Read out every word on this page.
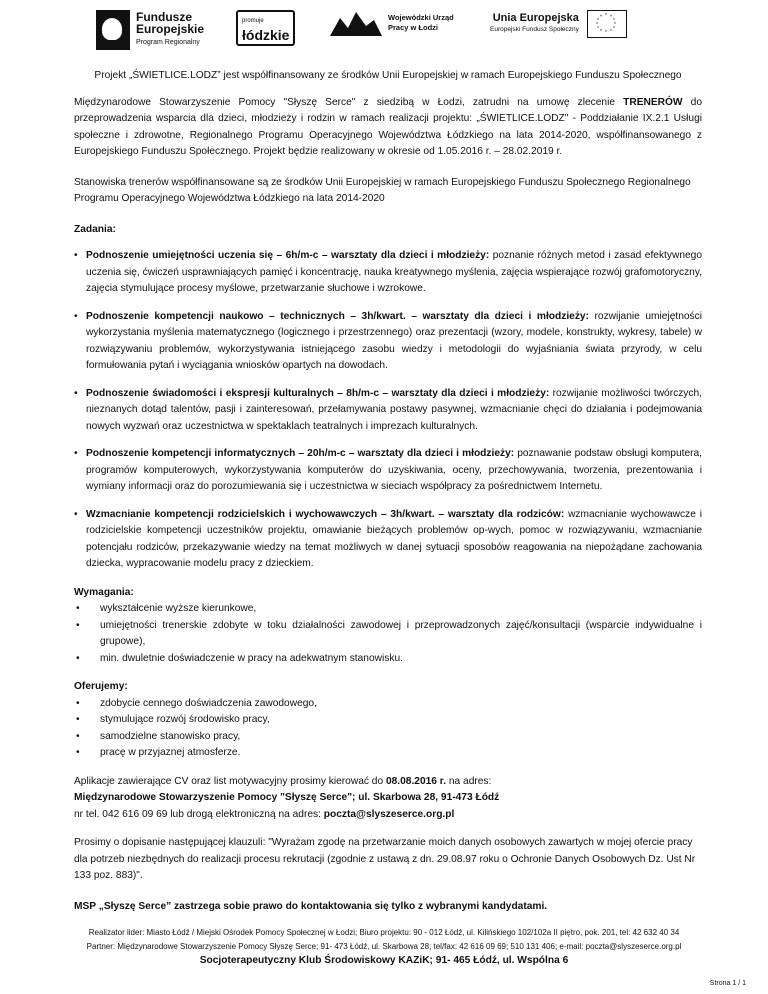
Fundusze
Europejskie
Program Regionalny
promuje
łódzkie
Wojewódzki Urząd
Pracy w Łodzi
Unia Europejska
Europejski Fundusz Społeczny
* *
*
*
*
*
*
*
*
*
*
*

Projekt „ŚWIETLICE.LODZ” jest współfinansowany ze środków Unii Europejskiej w ramach Europejskiego Funduszu Społecznego

Międzynarodowe Stowarzyszenie Pomocy "Słyszę Serce" z siedzibą w Łodzi, zatrudni na umowę zlecenie TRENERÓW do przeprowadzenia wsparcia dla dzieci, młodzieży i rodzin w ramach realizacji projektu: „ŚWIETLICE.LODZ" - Poddziałanie IX.2.1 Usługi społeczne i zdrowotne, Regionalnego Programu Operacyjnego Województwa Łódzkiego na lata 2014-2020, współfinansowanego z Europejskiego Funduszu Społecznego. Projekt będzie realizowany w okresie od 1.05.2016 r. – 28.02.2019 r.

Stanowiska trenerów współfinansowane są ze środków Unii Europejskiej w ramach Europejskiego Funduszu Społecznego Regionalnego Programu Operacyjnego Województwa Łódzkiego na lata 2014-2020

Zadania:

• Podnoszenie umiejętności uczenia się – 6h/m-c – warsztaty dla dzieci i młodzieży: poznanie różnych metod i zasad efektywnego uczenia się, ćwiczeń usprawniających pamięć i koncentrację, nauka kreatywnego myślenia, zajęcia wspierające rozwój grafomotoryczny, zajęcia stymulujące procesy myślowe, przetwarzanie słuchowe i wzrokowe.
• Podnoszenie kompetencji naukowo – technicznych – 3h/kwart. – warsztaty dla dzieci i młodzieży: rozwijanie umiejętności wykorzystania myślenia matematycznego (logicznego i przestrzennego) oraz prezentacji (wzory, modele, konstrukty, wykresy, tabele) w rozwiązywaniu problemów, wykorzystywania istniejącego zasobu wiedzy i metodologii do wyjaśniania świata przyrody, w celu formułowania pytań i wyciągania wniosków opartych na dowodach.
• Podnoszenie świadomości i ekspresji kulturalnych – 8h/m-c – warsztaty dla dzieci i młodzieży: rozwijanie możliwości twórczych, nieznanych dotąd talentów, pasji i zainteresowań, przełamywania postawy pasywnej, wzmacnianie chęci do działania i podejmowania nowych wyzwań oraz uczestnictwa w spektaklach teatralnych i imprezach kulturalnych.
• Podnoszenie kompetencji informatycznych – 20h/m-c – warsztaty dla dzieci i młodzieży: poznawanie podstaw obsługi komputera, programów komputerowych, wykorzystywania komputerów do uzyskiwania, oceny, przechowywania, tworzenia, prezentowania i wymiany informacji oraz do porozumiewania się i uczestnictwa w sieciach współpracy za pośrednictwem Internetu.
• Wzmacnianie kompetencji rodzicielskich i wychowawczych – 3h/kwart. – warsztaty dla rodziców: wzmacnianie wychowawcze i rodzicielskie kompetencji uczestników projektu, omawianie bieżących problemów op-wych, pomoc w rozwiązywaniu, wzmacnianie potencjału rodziców, przekazywanie wiedzy na temat możliwych w danej sytuacji sposobów reagowania na niepożądane zachowania dziecka, wypracowanie modelu pracy z dzieckiem.

Wymagania:

• wykształcenie wyższe kierunkowe,
• umiejętności trenerskie zdobyte w toku działalności zawodowej i przeprowadzonych zajęć/konsultacji (wsparcie indywidualne i grupowe),
• min. dwuletnie doświadczenie w pracy na adekwatnym stanowisku.

Oferujemy:

• zdobycie cennego doświadczenia zawodowego,
• stymulujące rozwój środowisko pracy,
• samodzielne stanowisko pracy,
• pracę w przyjaznej atmosferze.

Aplikacje zawierające CV oraz list motywacyjny prosimy kierować do 08.08.2016 r. na adres:

Międzynarodowe Stowarzyszenie Pomocy "Słyszę Serce"; ul. Skarbowa 28, 91-473 Łódź

nr tel. 042 616 09 69 lub drogą elektroniczną na adres: poczta@slyszeserce.org.pl

Prosimy o dopisanie następującej klauzuli: "Wyrażam zgodę na przetwarzanie moich danych osobowych zawartych w mojej ofercie pracy dla potrzeb niezbędnych do realizacji procesu rekrutacji (zgodnie z ustawą z dn. 29.08.97 roku o Ochronie Danych Osobowych Dz. Ust Nr 133 poz. 883)".

MSP „Słyszę Serce” zastrzega sobie prawo do kontaktowania się tylko z wybranymi kandydatami.

Realizator lider: Miasto Łódź / Miejski Ośrodek Pomocy Społecznej w Łodzi; Biuro projektu: 90 - 012 Łódź, ul. Kilińskiego 102/102a II piętro, pok. 201, tel: 42 632 40 34
Partner: Międzynarodowe Stowarzyszenie Pomocy Słyszę Serce; 91- 473 Łódź, ul. Skarbowa 28; tel/fax: 42 616 09 69; 510 131 406; e-mail: poczta@slyszeserce.org.pl
Socjoterapeutyczny Klub Środowiskowy KAZiK; 91- 465 Łódź, ul. Wspólna 6
Strona 1 / 1
